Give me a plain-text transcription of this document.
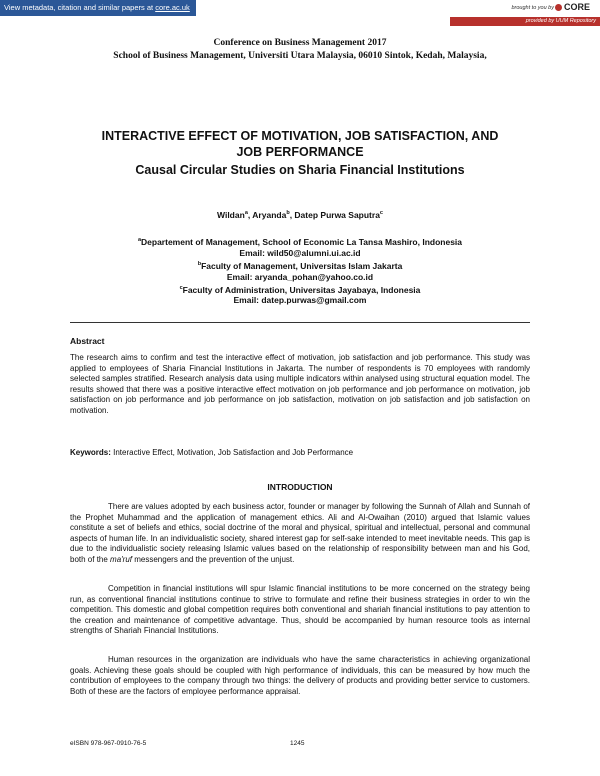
View metadata, citation and similar papers at core.ac.uk	brought to you by CORE
provided by UUM Repository
Conference on Business Management 2017
School of Business Management, Universiti Utara Malaysia, 06010 Sintok, Kedah, Malaysia,
INTERACTIVE EFFECT OF MOTIVATION, JOB SATISFACTION, AND
JOB PERFORMANCE
Causal Circular Studies on Sharia Financial Institutions
Wildan$^a$, Aryanda$^b$, Datep Purwa Saputra$^c$
$^a$Departement of Management, School of Economic La Tansa Mashiro, Indonesia
Email: wild50@alumni.ui.ac.id
$^b$Faculty of Management, Universitas Islam Jakarta
Email: aryanda_pohan@yahoo.co.id
$^c$Faculty of Administration, Universitas Jayabaya, Indonesia
Email: datep.purwas@gmail.com
Abstract

The research aims to confirm and test the interactive effect of motivation, job satisfaction and job performance. This study was applied to employees of Sharia Financial Institutions in Jakarta. The number of respondents is 70 employees with randomly selected samples stratified. Research analysis data using multiple indicators within analysed using structural equation model. The results showed that there was a positive interactive effect motivation on job performance and job performance on motivation, job satisfaction on job performance and job performance on job satisfaction, motivation on job satisfaction and job satisfaction on motivation.

Keywords: Interactive Effect, Motivation, Job Satisfaction and Job Performance
INTRODUCTION

There are values adopted by each business actor, founder or manager by following the Sunnah of Allah and Sunnah of the Prophet Muhammad and the application of management ethics. Ali and Al-Owaihan (2010) argued that Islamic values constitute a set of beliefs and ethics, social doctrine of the moral and physical, spiritual and intellectual, personal and communal aspects of human life. In an individualistic society, shared interest gap for self-sake intended to meet inevitable needs. This gap is due to the individualistic society releasing Islamic values based on the relationship of responsibility between man and his God, both of the ma'ruf messengers and the prevention of the unjust.

Competition in financial institutions will spur Islamic financial institutions to be more concerned on the strategy being run, as conventional financial institutions continue to strive to formulate and refine their business strategies in order to win the competition. This domestic and global competition requires both conventional and shariah financial institutions to pay attention to the creation and maintenance of competitive advantage. Thus, should be accompanied by human resource tools as internal strengths of Shariah Financial Institutions.

Human resources in the organization are individuals who have the same characteristics in achieving organizational goals. Achieving these goals should be coupled with high performance of individuals, this can be measured by how much the contribution of employees to the company through two things: the delivery of products and providing better service to customers. Both of these are the factors of employee performance appraisal.

eISBN 978-967-0910-76-5	1245
